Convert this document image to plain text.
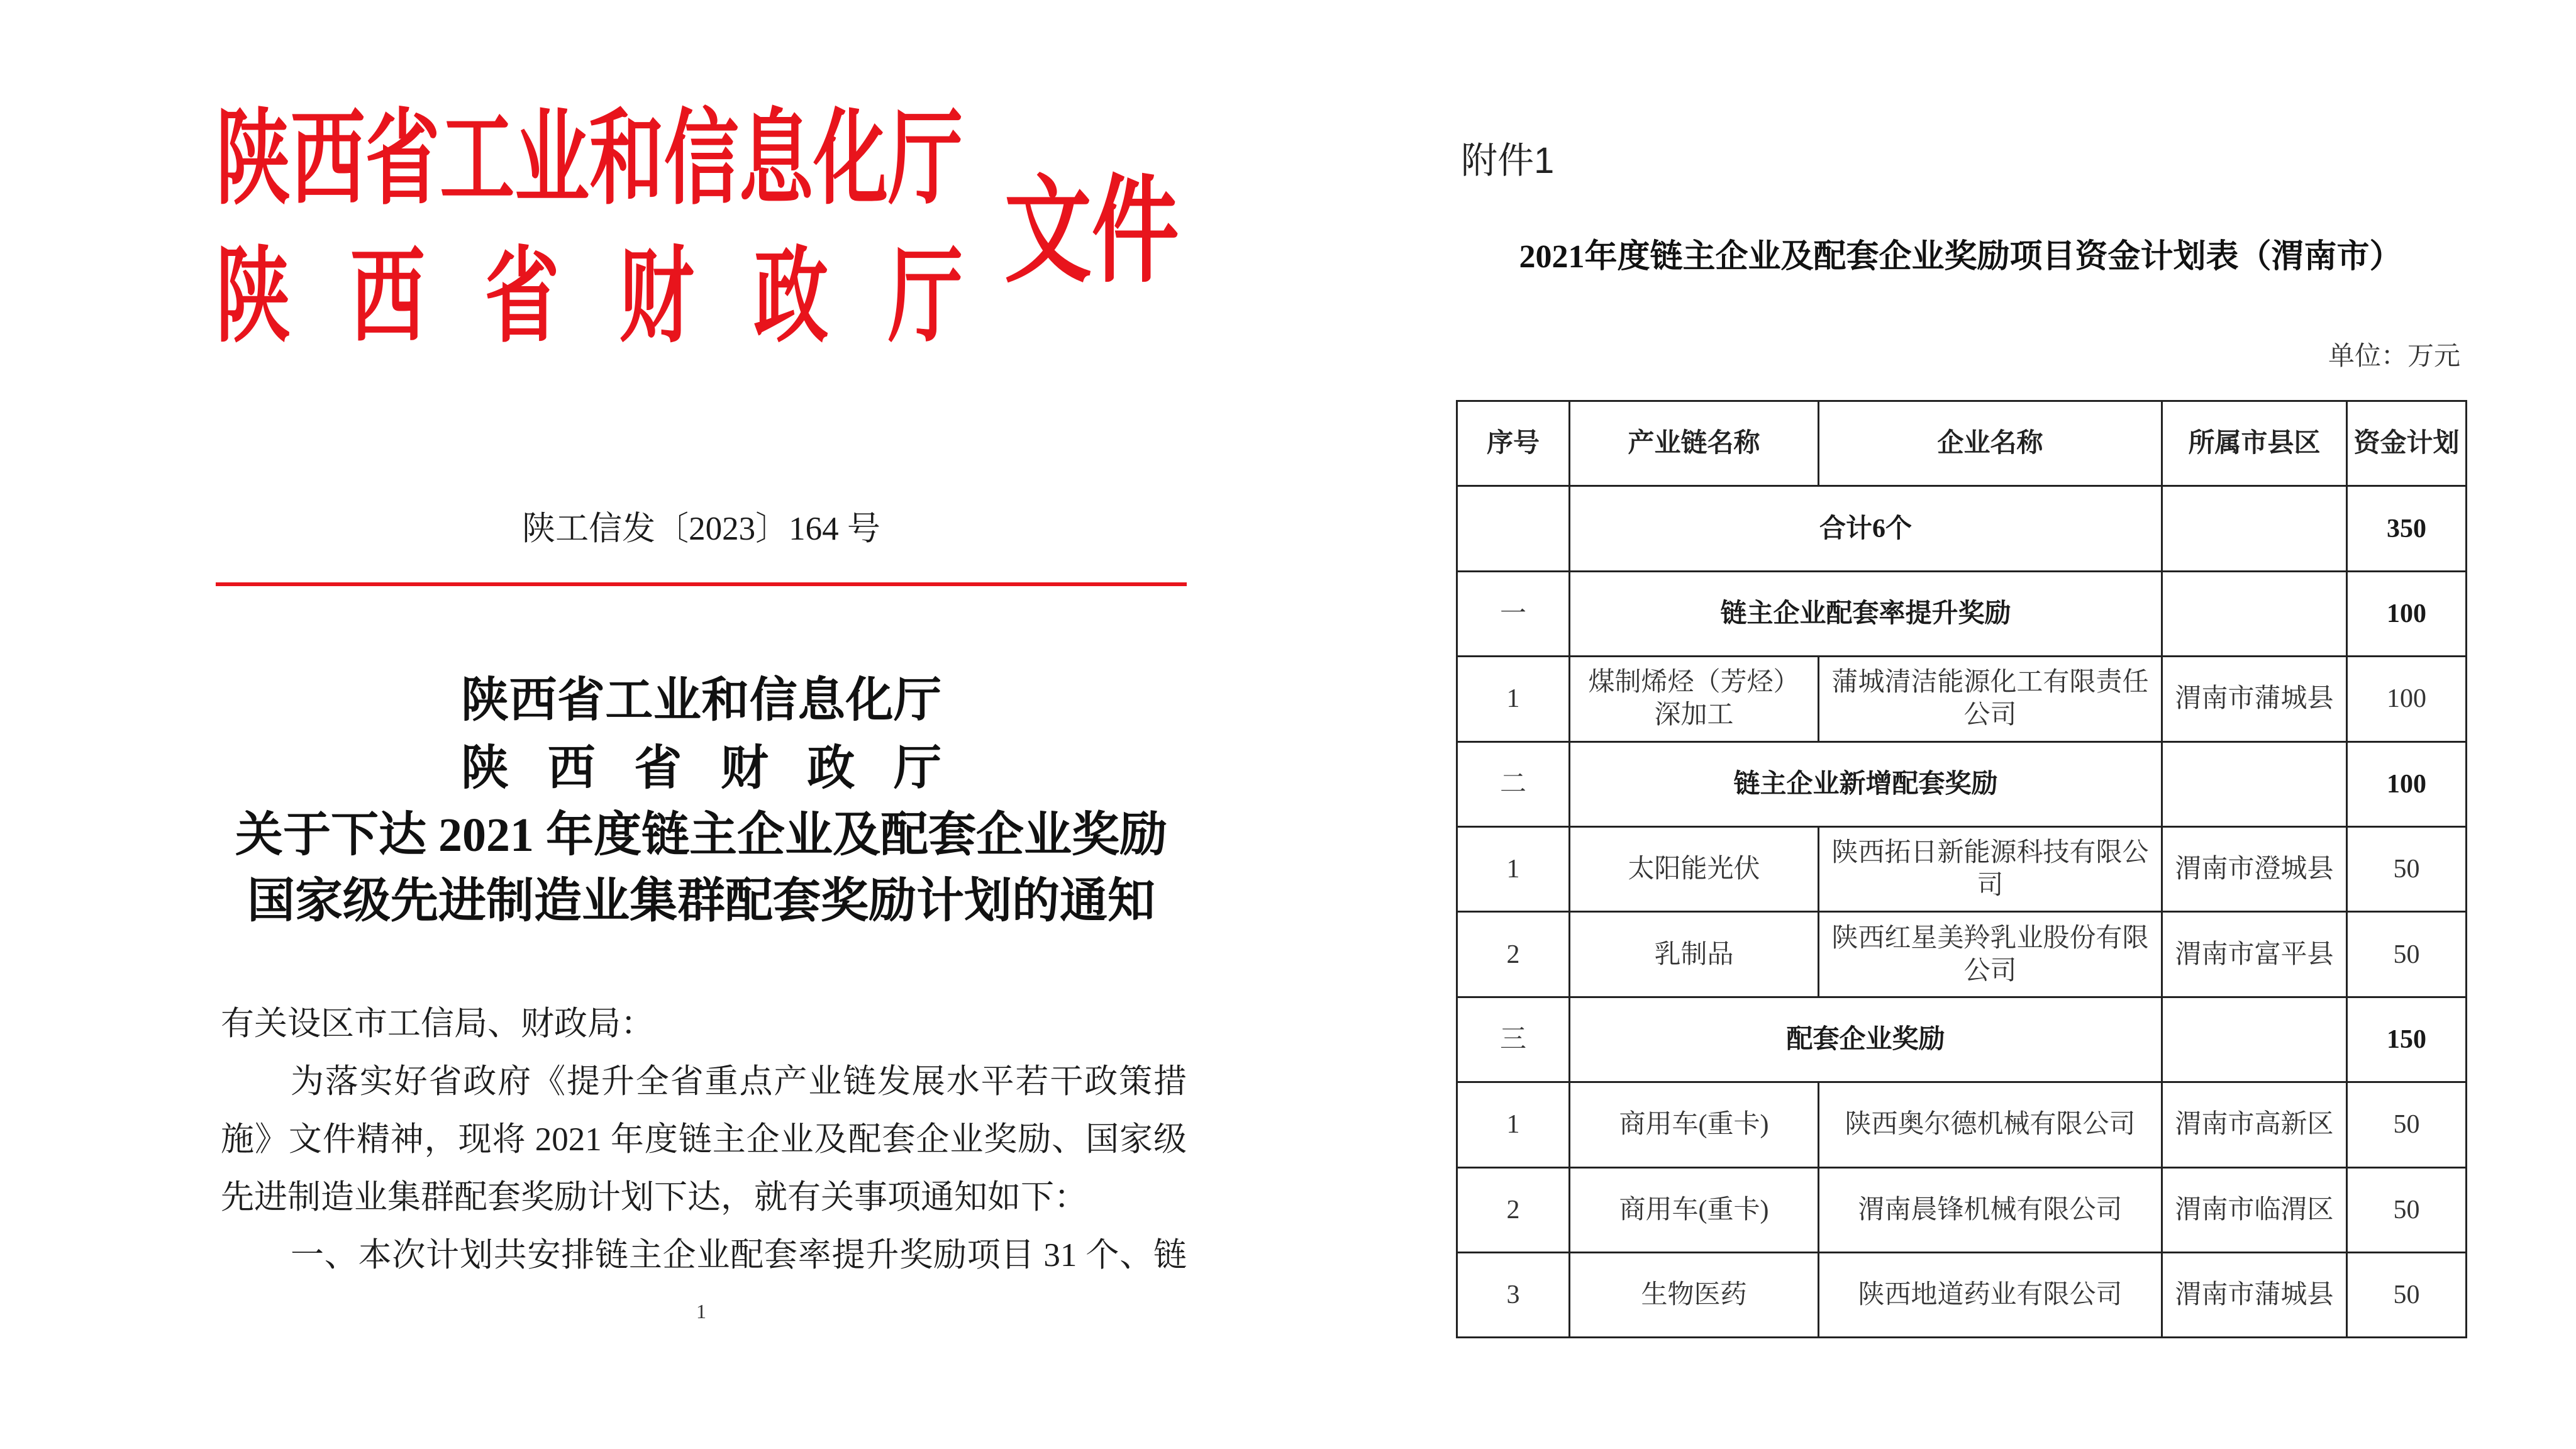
陕西省工业和信息化厅
陕 西 省 财 政 厅
文件
陕工信发〔2023〕164 号
陕西省工业和信息化厅
陕 西 省 财 政 厅
关于下达 2021 年度链主企业及配套企业奖励
国家级先进制造业集群配套奖励计划的通知
有关设区市工信局、财政局：
为落实好省政府《提升全省重点产业链发展水平若干政策措
施》文件精神，现将 2021 年度链主企业及配套企业奖励、国家级
先进制造业集群配套奖励计划下达，就有关事项通知如下：
一、本次计划共安排链主企业配套率提升奖励项目 31 个、链
1
附件1
2021年度链主企业及配套企业奖励项目资金计划表（渭南市）
单位：万元
序号	产业链名称	企业名称	所属市县区	资金计划
	合计6个			350
一	链主企业配套率提升奖励			100
1	煤制烯烃（芳烃）深加工	蒲城清洁能源化工有限责任公司	渭南市蒲城县	100
二	链主企业新增配套奖励			100
1	太阳能光伏	陕西拓日新能源科技有限公司	渭南市澄城县	50
2	乳制品	陕西红星美羚乳业股份有限公司	渭南市富平县	50
三	配套企业奖励			150
1	商用车(重卡)	陕西奥尔德机械有限公司	渭南市高新区	50
2	商用车(重卡)	渭南晨锋机械有限公司	渭南市临渭区	50
3	生物医药	陕西地道药业有限公司	渭南市蒲城县	50
